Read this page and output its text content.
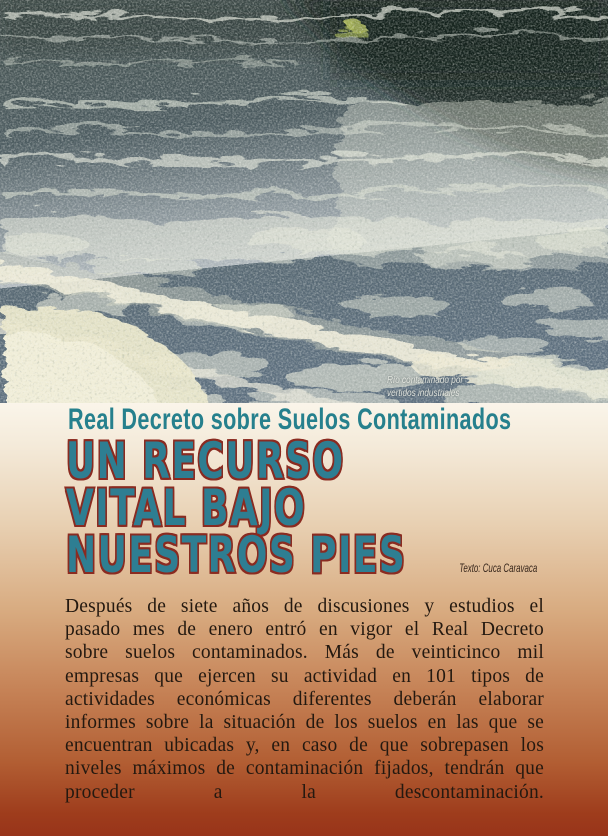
Río contaminado por
vertidos industriales
Real Decreto sobre Suelos Contaminados
UN RECURSO
VITAL BAJO
NUESTROS PIES	Texto: Cuca Caravaca

Después de siete años de discusiones y estudios el pasado mes de enero entró en vigor el Real Decreto sobre suelos contaminados. Más de veinticinco mil empresas que ejercen su actividad en 101 tipos de actividades económicas diferentes deberán elaborar informes sobre la situación de los suelos en las que se encuentran ubicadas y, en caso de que sobrepasen los niveles máximos de contaminación fijados, tendrán que proceder a la descontaminación.
